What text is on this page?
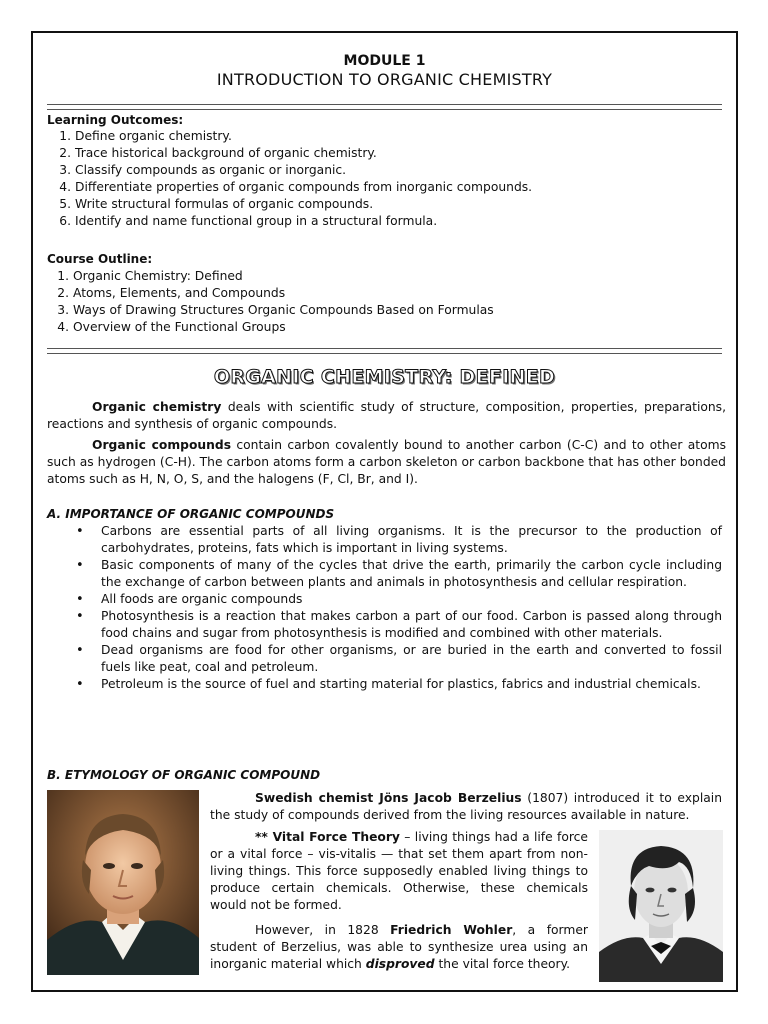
MODULE 1
INTRODUCTION TO ORGANIC CHEMISTRY
Learning Outcomes:
1. Define organic chemistry.
2. Trace historical background of organic chemistry.
3. Classify compounds as organic or inorganic.
4. Differentiate properties of organic compounds from inorganic compounds.
5. Write structural formulas of organic compounds.
6. Identify and name functional group in a structural formula.
Course Outline:
1. Organic Chemistry: Defined
2. Atoms, Elements, and Compounds
3. Ways of Drawing Structures Organic Compounds Based on Formulas
4. Overview of the Functional Groups
ORGANIC CHEMISTRY: DEFINED

Organic chemistry deals with scientific study of structure, composition, properties, preparations, reactions and synthesis of organic compounds.

Organic compounds contain carbon covalently bound to another carbon (C-C) and to other atoms such as hydrogen (C-H). The carbon atoms form a carbon skeleton or carbon backbone that has other bonded atoms such as H, N, O, S, and the halogens (F, Cl, Br, and I).

A. IMPORTANCE OF ORGANIC COMPOUNDS
• Carbons are essential parts of all living organisms. It is the precursor to the production of carbohydrates, proteins, fats which is important in living systems.
• Basic components of many of the cycles that drive the earth, primarily the carbon cycle including the exchange of carbon between plants and animals in photosynthesis and cellular respiration.
• All foods are organic compounds
• Photosynthesis is a reaction that makes carbon a part of our food. Carbon is passed along through food chains and sugar from photosynthesis is modified and combined with other materials.
• Dead organisms are food for other organisms, or are buried in the earth and converted to fossil fuels like peat, coal and petroleum.
• Petroleum is the source of fuel and starting material for plastics, fabrics and industrial chemicals.
B. ETYMOLOGY OF ORGANIC COMPOUND

Swedish chemist Jöns Jacob Berzelius (1807) introduced it to explain the study of compounds derived from the living resources available in nature.

** Vital Force Theory – living things had a life force or a vital force – vis-vitalis — that set them apart from non-living things. This force supposedly enabled living things to produce certain chemicals. Otherwise, these chemicals would not be formed.

However, in 1828 Friedrich Wohler, a former student of Berzelius, was able to synthesize urea using an inorganic material which disproved the vital force theory.
